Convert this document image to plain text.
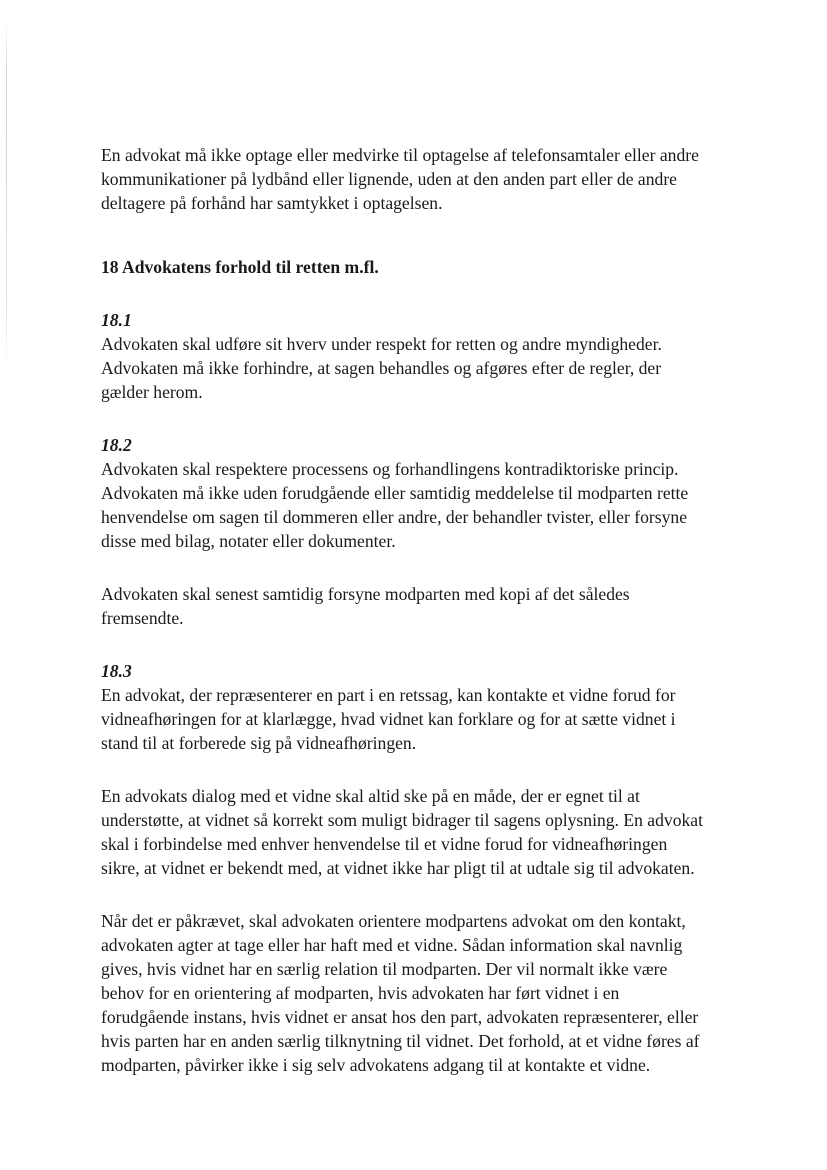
En advokat må ikke optage eller medvirke til optagelse af telefonsamtaler eller andre
kommunikationer på lydbånd eller lignende, uden at den anden part eller de andre
deltagere på forhånd har samtykket i optagelsen.

18 Advokatens forhold til retten m.fl.

18.1

Advokaten skal udføre sit hverv under respekt for retten og andre myndigheder.
Advokaten må ikke forhindre, at sagen behandles og afgøres efter de regler, der
gælder herom.

18.2

Advokaten skal respektere processens og forhandlingens kontradiktoriske princip.
Advokaten må ikke uden forudgående eller samtidig meddelelse til modparten rette
henvendelse om sagen til dommeren eller andre, der behandler tvister, eller forsyne
disse med bilag, notater eller dokumenter.

Advokaten skal senest samtidig forsyne modparten med kopi af det således
fremsendte.

18.3

En advokat, der repræsenterer en part i en retssag, kan kontakte et vidne forud for
vidneafhøringen for at klarlægge, hvad vidnet kan forklare og for at sætte vidnet i
stand til at forberede sig på vidneafhøringen.

En advokats dialog med et vidne skal altid ske på en måde, der er egnet til at
understøtte, at vidnet så korrekt som muligt bidrager til sagens oplysning. En advokat
skal i forbindelse med enhver henvendelse til et vidne forud for vidneafhøringen
sikre, at vidnet er bekendt med, at vidnet ikke har pligt til at udtale sig til advokaten.

Når det er påkrævet, skal advokaten orientere modpartens advokat om den kontakt,
advokaten agter at tage eller har haft med et vidne. Sådan information skal navnlig
gives, hvis vidnet har en særlig relation til modparten. Der vil normalt ikke være
behov for en orientering af modparten, hvis advokaten har ført vidnet i en
forudgående instans, hvis vidnet er ansat hos den part, advokaten repræsenterer, eller
hvis parten har en anden særlig tilknytning til vidnet. Det forhold, at et vidne føres af
modparten, påvirker ikke i sig selv advokatens adgang til at kontakte et vidne.
